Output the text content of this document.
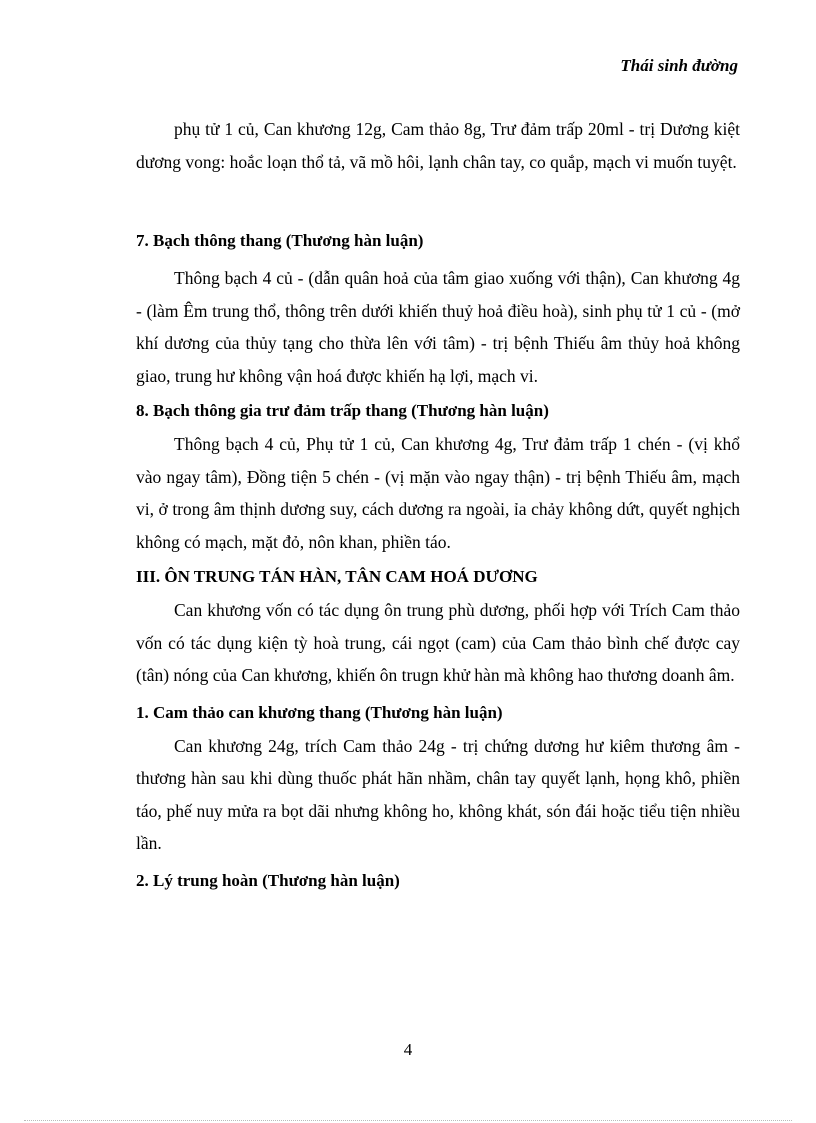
Thái sinh đường

phụ tử 1 củ, Can khương 12g, Cam thảo 8g, Trư đảm trấp 20ml - trị Dương kiệt dương vong: hoắc loạn thổ tả, vã mồ hôi, lạnh chân tay, co quắp, mạch vi muốn tuyệt.

7. Bạch thông thang (Thương hàn luận)

Thông bạch 4 củ - (dẫn quân hoả của tâm giao xuống với thận), Can khương 4g - (làm Êm trung thổ, thông trên dưới khiến thuỷ hoả điều hoà), sinh phụ tử 1 củ - (mở khí dương của thủy tạng cho thừa lên với tâm) - trị bệnh Thiếu âm thủy hoả không giao, trung hư không vận hoá được khiến hạ lợi, mạch vi.

8. Bạch thông gia trư đảm trấp thang (Thương hàn luận)

Thông bạch 4 củ, Phụ tử 1 củ, Can khương 4g, Trư đảm trấp 1 chén - (vị khổ vào ngay tâm), Đồng tiện 5 chén - (vị mặn vào ngay thận) - trị bệnh Thiếu âm, mạch vi, ở trong âm thịnh dương suy, cách dương ra ngoài, ỉa chảy không dứt, quyết nghịch không có mạch, mặt đỏ, nôn khan, phiền táo.

III. ÔN TRUNG TÁN HÀN, TÂN CAM HOÁ DƯƠNG

Can khương vốn có tác dụng ôn trung phù dương, phối hợp với Trích Cam thảo vốn có tác dụng kiện tỳ hoà trung, cái ngọt (cam) của Cam thảo bình chế được cay (tân) nóng của Can khương, khiến ôn trugn khử hàn mà không hao thương doanh âm.

1. Cam thảo can khương thang (Thương hàn luận)

Can khương 24g, trích Cam thảo 24g - trị chứng dương hư kiêm thương âm - thương hàn sau khi dùng thuốc phát hãn nhầm, chân tay quyết lạnh, họng khô, phiền táo, phế nuy mửa ra bọt dãi nhưng không ho, không khát, són đái hoặc tiểu tiện nhiều lần.

2. Lý trung hoàn (Thương hàn luận)
4
